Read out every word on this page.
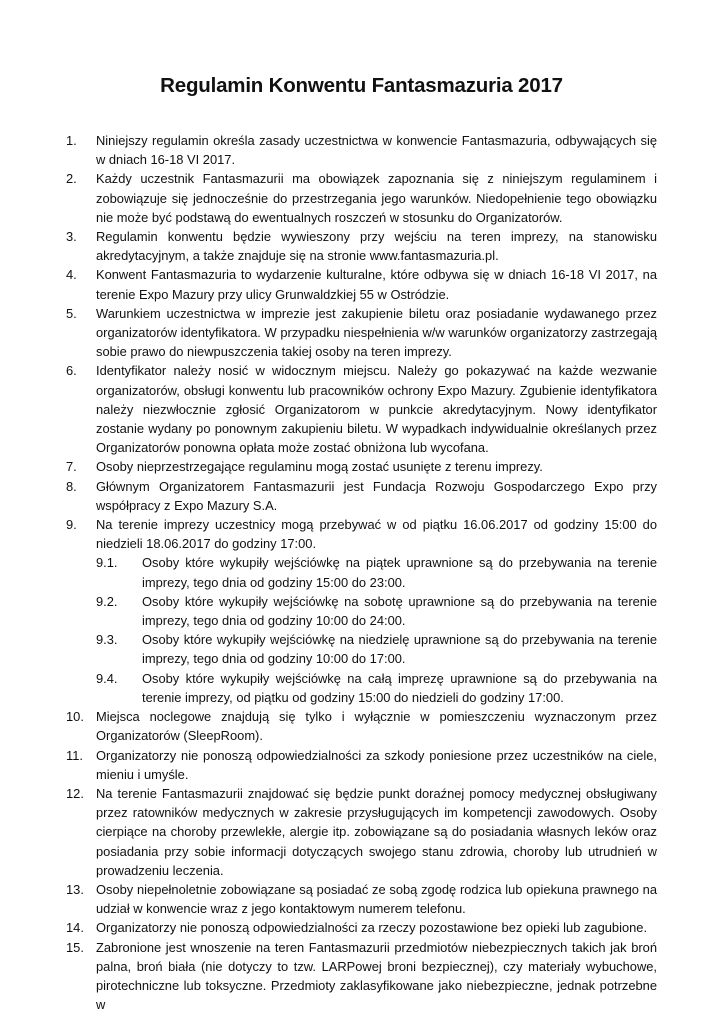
Regulamin Konwentu Fantasmazuria 2017
1.	Niniejszy regulamin określa zasady uczestnictwa w konwencie Fantasmazuria, odbywających się w dniach 16-18 VI 2017.
2.	Każdy uczestnik Fantasmazurii ma obowiązek zapoznania się z niniejszym regulaminem i zobowiązuje się jednocześnie do przestrzegania jego warunków. Niedopełnienie tego obowiązku nie może być podstawą do ewentualnych roszczeń w stosunku do Organizatorów.
3.	Regulamin konwentu będzie wywieszony przy wejściu na teren imprezy, na stanowisku akredytacyjnym, a także znajduje się na stronie www.fantasmazuria.pl.
4.	Konwent Fantasmazuria to wydarzenie kulturalne, które odbywa się w dniach 16-18 VI 2017, na terenie Expo Mazury przy ulicy Grunwaldzkiej 55 w Ostródzie.
5.	Warunkiem uczestnictwa w imprezie jest zakupienie biletu oraz posiadanie wydawanego przez organizatorów identyfikatora. W przypadku niespełnienia w/w warunków organizatorzy zastrzegają sobie prawo do niewpuszczenia takiej osoby na teren imprezy.
6.	Identyfikator należy nosić w widocznym miejscu. Należy go pokazywać na każde wezwanie organizatorów, obsługi konwentu lub pracowników ochrony Expo Mazury. Zgubienie identyfikatora należy niezwłocznie zgłosić Organizatorom w punkcie akredytacyjnym. Nowy identyfikator zostanie wydany po ponownym zakupieniu biletu. W wypadkach indywidualnie określanych przez Organizatorów ponowna opłata może zostać obniżona lub wycofana.
7.	Osoby nieprzestrzegające regulaminu mogą zostać usunięte z terenu imprezy.
8.	Głównym Organizatorem Fantasmazurii jest Fundacja Rozwoju Gospodarczego Expo przy współpracy z Expo Mazury S.A.
9.	Na terenie imprezy uczestnicy mogą przebywać w od piątku 16.06.2017 od godziny 15:00 do niedzieli 18.06.2017 do godziny 17:00.
9.1.	Osoby które wykupiły wejściówkę na piątek uprawnione są do przebywania na terenie imprezy, tego dnia od godziny 15:00 do 23:00.
9.2.	Osoby które wykupiły wejściówkę na sobotę uprawnione są do przebywania na terenie imprezy, tego dnia od godziny 10:00 do 24:00.
9.3.	Osoby które wykupiły wejściówkę na niedzielę uprawnione są do przebywania na terenie imprezy, tego dnia od godziny 10:00 do 17:00.
9.4.	Osoby które wykupiły wejściówkę na całą imprezę uprawnione są do przebywania na terenie imprezy, od piątku od godziny 15:00 do niedzieli do godziny 17:00.
10. Miejsca noclegowe znajdują się tylko i wyłącznie w pomieszczeniu wyznaczonym przez Organizatorów (SleepRoom).
11.	Organizatorzy nie ponoszą odpowiedzialności za szkody poniesione przez uczestników na ciele, mieniu i umyśle.
12. Na terenie Fantasmazurii znajdować się będzie punkt doraźnej pomocy medycznej obsługiwany przez ratowników medycznych w zakresie przysługujących im kompetencji zawodowych. Osoby cierpiące na choroby przewlekłe, alergie itp. zobowiązane są do posiadania własnych leków oraz posiadania przy sobie informacji dotyczących swojego stanu zdrowia, choroby lub utrudnień w prowadzeniu leczenia.
13. Osoby niepełnoletnie zobowiązane są posiadać ze sobą zgodę rodzica lub opiekuna prawnego na udział w konwencie wraz z jego kontaktowym numerem telefonu.
14. Organizatorzy nie ponoszą odpowiedzialności za rzeczy pozostawione bez opieki lub zagubione.
15. Zabronione jest wnoszenie na teren Fantasmazurii przedmiotów niebezpiecznych takich jak broń palna, broń biała (nie dotyczy to tzw. LARPowej broni bezpiecznej), czy materiały wybuchowe, pirotechniczne lub toksyczne. Przedmioty zaklasyfikowane jako niebezpieczne, jednak potrzebne w
